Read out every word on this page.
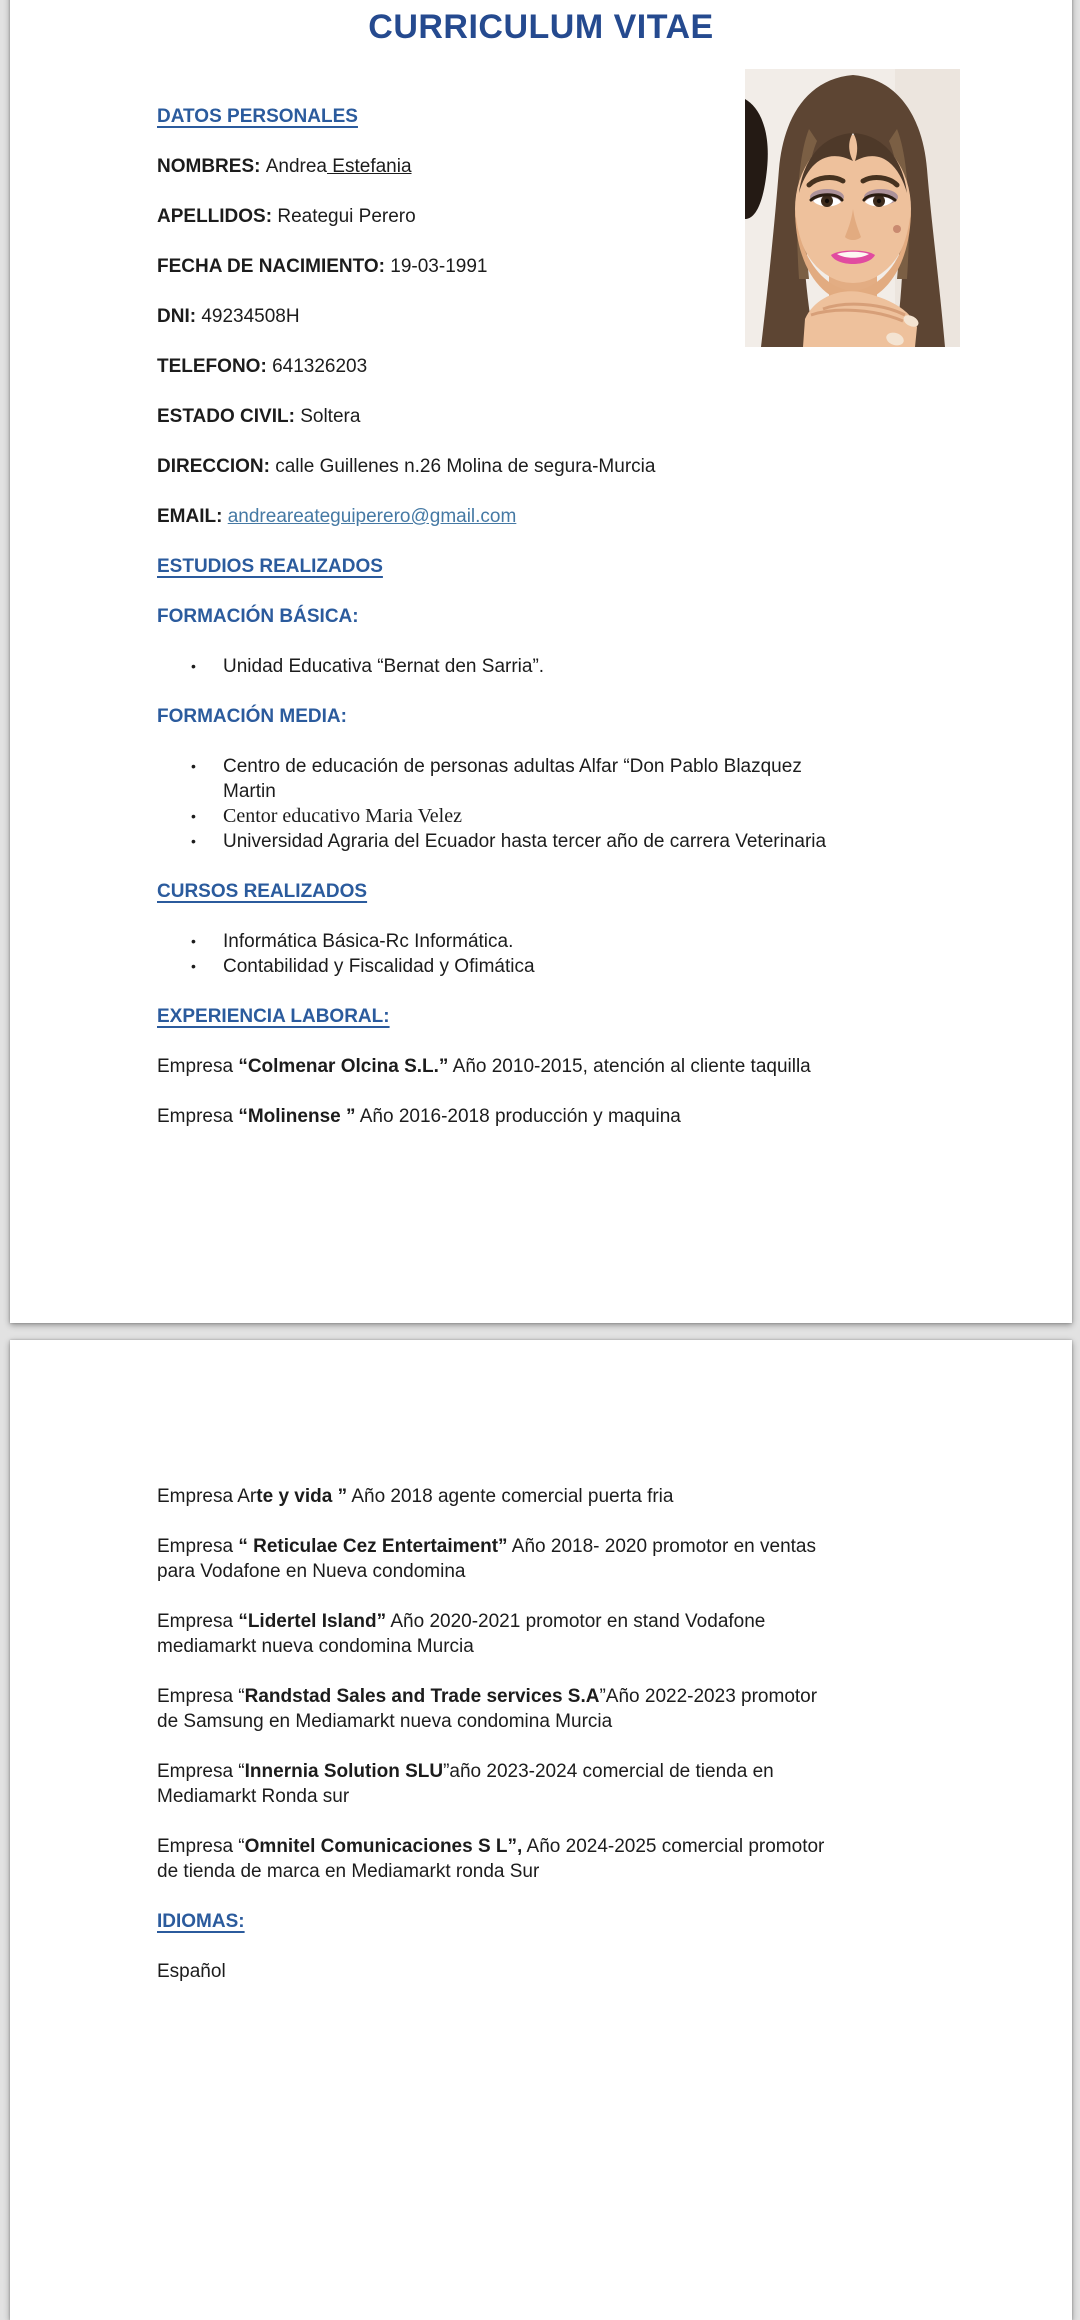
CURRICULUM VITAE
DATOS PERSONALES
NOMBRES: Andrea Estefania
APELLIDOS: Reategui Perero
FECHA DE NACIMIENTO: 19-03-1991
DNI: 49234508H
TELEFONO: 641326203
ESTADO CIVIL: Soltera
DIRECCION: calle Guillenes n.26 Molina de segura-Murcia
EMAIL: andreareateguiperero@gmail.com
ESTUDIOS REALIZADOS
FORMACIÓN BÁSICA:
•	Unidad Educativa “Bernat den Sarria”.
FORMACIÓN MEDIA:
•	Centro de educación de personas adultas Alfar “Don Pablo Blazquez
Martin
•	Centor educativo Maria Velez
•	Universidad Agraria del Ecuador hasta tercer año de carrera Veterinaria
CURSOS REALIZADOS
•	Informática Básica-Rc Informática.
•	Contabilidad y Fiscalidad y Ofimática
EXPERIENCIA LABORAL:
Empresa “Colmenar Olcina S.L.” Año 2010-2015, atención al cliente taquilla
Empresa “Molinense ” Año 2016-2018 producción y maquina
Empresa Arte y vida ” Año 2018 agente comercial puerta fria
Empresa “ Reticulae Cez Entertaiment” Año 2018- 2020 promotor en ventas
para Vodafone en Nueva condomina
Empresa “Lidertel Island” Año 2020-2021 promotor en stand Vodafone
mediamarkt nueva condomina Murcia
Empresa “Randstad Sales and Trade services S.A”Año 2022-2023 promotor
de Samsung en Mediamarkt nueva condomina Murcia
Empresa “Innernia Solution SLU”año 2023-2024 comercial de tienda en
Mediamarkt Ronda sur
Empresa “Omnitel Comunicaciones S L”, Año 2024-2025 comercial promotor
de tienda de marca en Mediamarkt ronda Sur
IDIOMAS:
Español
